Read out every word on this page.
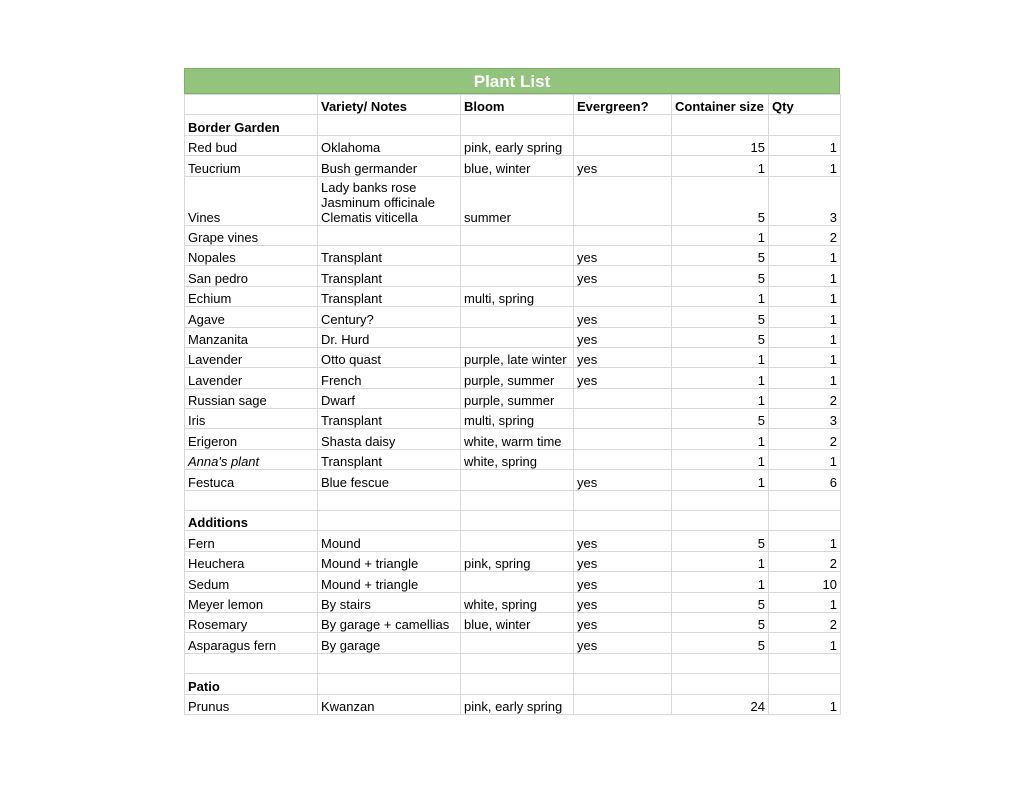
Plant List
	Variety/ Notes	Bloom	Evergreen?	Container size	Qty
Border Garden					
Red bud	Oklahoma	pink, early spring		15	1
Teucrium	Bush germander	blue, winter	yes	1	1
Vines	Lady banks rose
Jasminum officinale
Clematis viticella	summer		5	3
Grape vines				1	2
Nopales	Transplant		yes	5	1
San pedro	Transplant		yes	5	1
Echium	Transplant	multi, spring		1	1
Agave	Century?		yes	5	1
Manzanita	Dr. Hurd		yes	5	1
Lavender	Otto quast	purple, late winter	yes	1	1
Lavender	French	purple, summer	yes	1	1
Russian sage	Dwarf	purple, summer		1	2
Iris	Transplant	multi, spring		5	3
Erigeron	Shasta daisy	white, warm time		1	2
Anna's plant	Transplant	white, spring		1	1
Festuca	Blue fescue		yes	1	6

Additions					
Fern	Mound		yes	5	1
Heuchera	Mound + triangle	pink, spring	yes	1	2
Sedum	Mound + triangle		yes	1	10
Meyer lemon	By stairs	white, spring	yes	5	1
Rosemary	By garage + camellias	blue, winter	yes	5	2
Asparagus fern	By garage		yes	5	1

Patio					
Prunus	Kwanzan	pink, early spring		24	1
